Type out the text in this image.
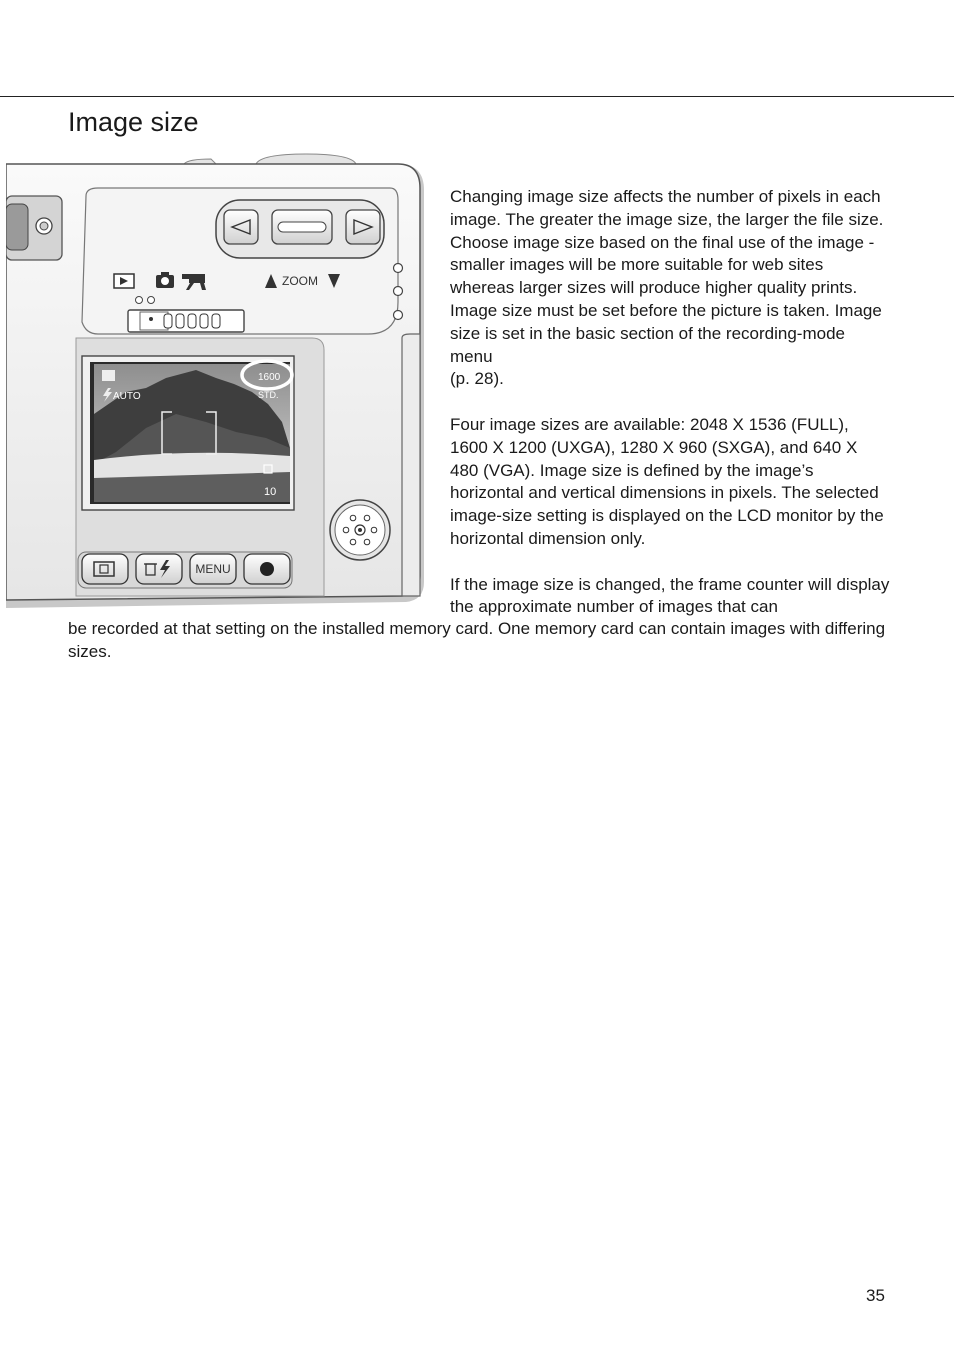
Image size
ZOOM
AUTO
1600
STD.
10
MENU

Changing image size affects the number of pixels in each image. The greater the image size, the larger the file size. Choose image size based on the final use of the image - smaller images will be more suitable for web sites whereas larger sizes will produce higher quality prints. Image size must be set before the picture is taken. Image size is set in the basic section of the recording-mode menu
(p. 28).

Four image sizes are available: 2048 X 1536 (FULL), 1600 X 1200 (UXGA), 1280 X 960 (SXGA), and 640 X 480 (VGA). Image size is defined by the image’s horizontal and vertical dimensions in pixels. The selected image-size setting is displayed on the LCD monitor by the horizontal dimension only.

If the image size is changed, the frame counter will display the approximate number of images that can

be recorded at that setting on the installed memory card. One memory card can contain images with differing sizes.

35
